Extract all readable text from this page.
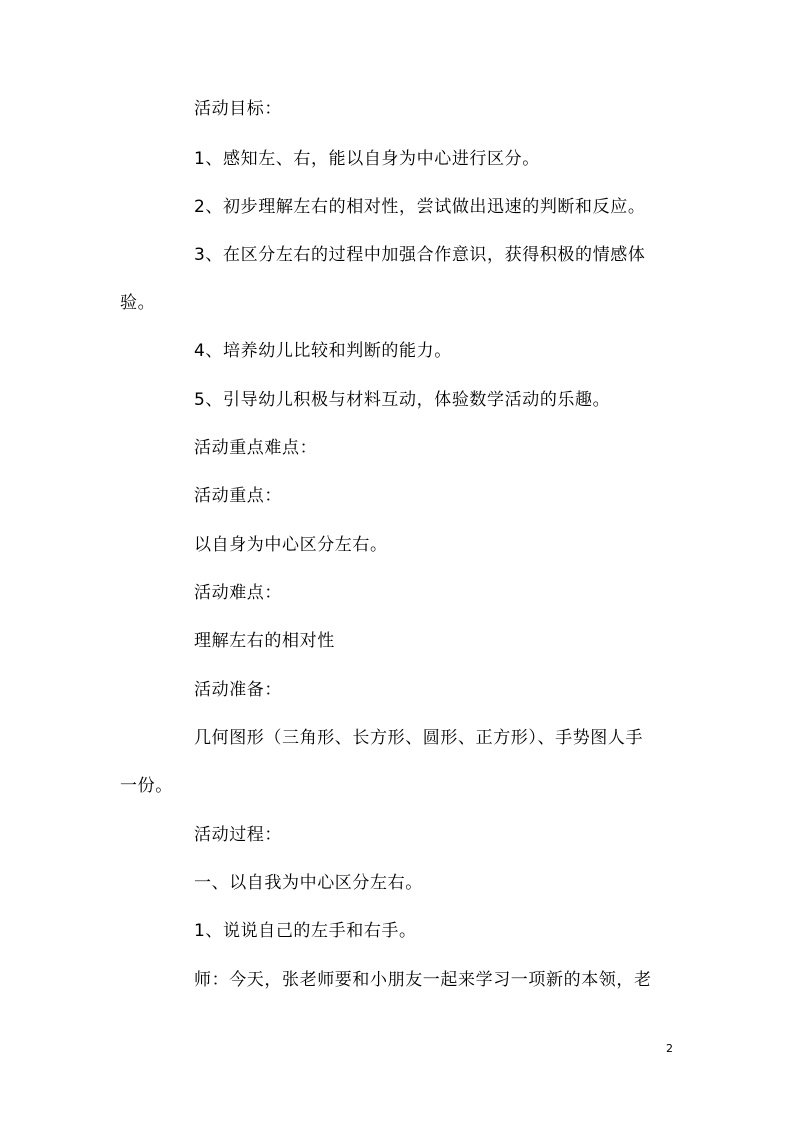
活动目标：
1、感知左、右，能以自身为中心进行区分。
2、初步理解左右的相对性，尝试做出迅速的判断和反应。
3、在区分左右的过程中加强合作意识，获得积极的情感体
验。
4、培养幼儿比较和判断的能力。
5、引导幼儿积极与材料互动，体验数学活动的乐趣。
活动重点难点：
活动重点：
以自身为中心区分左右。
活动难点：
理解左右的相对性
活动准备：
几何图形（三角形、长方形、圆形、正方形）、手势图人手
一份。
活动过程：
一、以自我为中心区分左右。
1、说说自己的左手和右手。
师：今天，张老师要和小朋友一起来学习一项新的本领，老
2
